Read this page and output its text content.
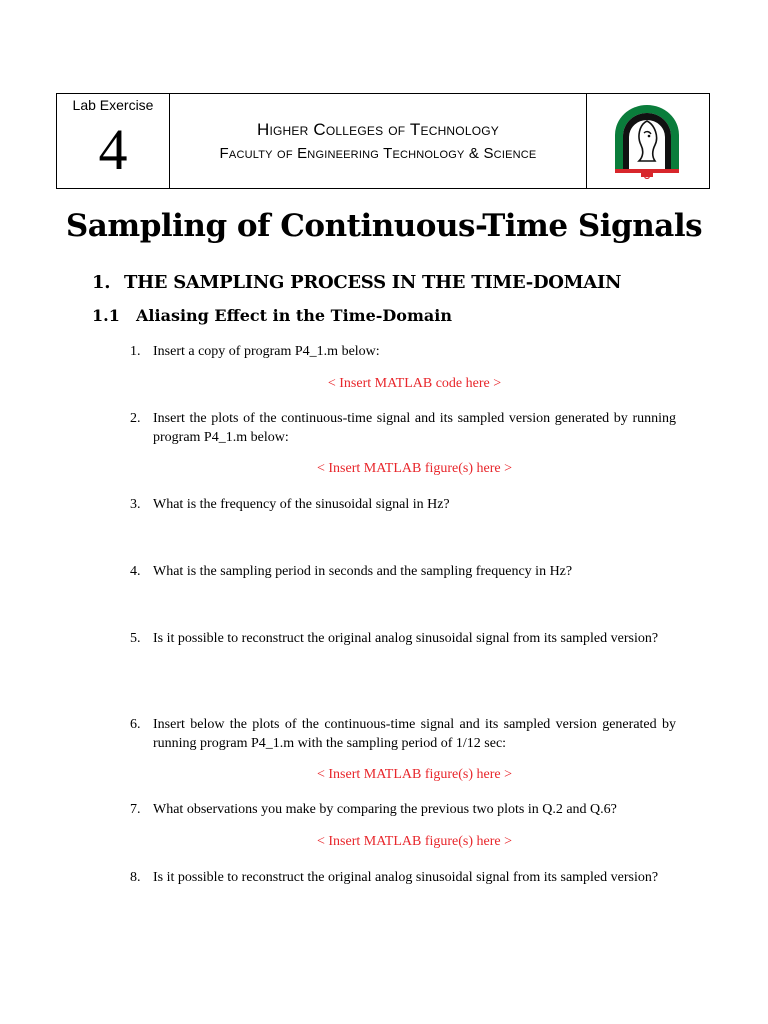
Lab Exercise
4	Higher Colleges of Technology
Faculty of Engineering Technology & Science
Sampling of Continuous-Time Signals
1. THE SAMPLING PROCESS IN THE TIME-DOMAIN
1.1 Aliasing Effect in the Time-Domain
1. Insert a copy of program P4_1.m below:
< Insert MATLAB code here >
2. Insert the plots of the continuous-time signal and its sampled version generated by running program P4_1.m below:
< Insert MATLAB figure(s) here >
3. What is the frequency of the sinusoidal signal in Hz?
4. What is the sampling period in seconds and the sampling frequency in Hz?
5. Is it possible to reconstruct the original analog sinusoidal signal from its sampled version?
6. Insert below the plots of the continuous-time signal and its sampled version generated by running program P4_1.m with the sampling period of 1/12 sec:
< Insert MATLAB figure(s) here >
7. What observations you make by comparing the previous two plots in Q.2 and Q.6?
< Insert MATLAB figure(s) here >
8. Is it possible to reconstruct the original analog sinusoidal signal from its sampled version?
